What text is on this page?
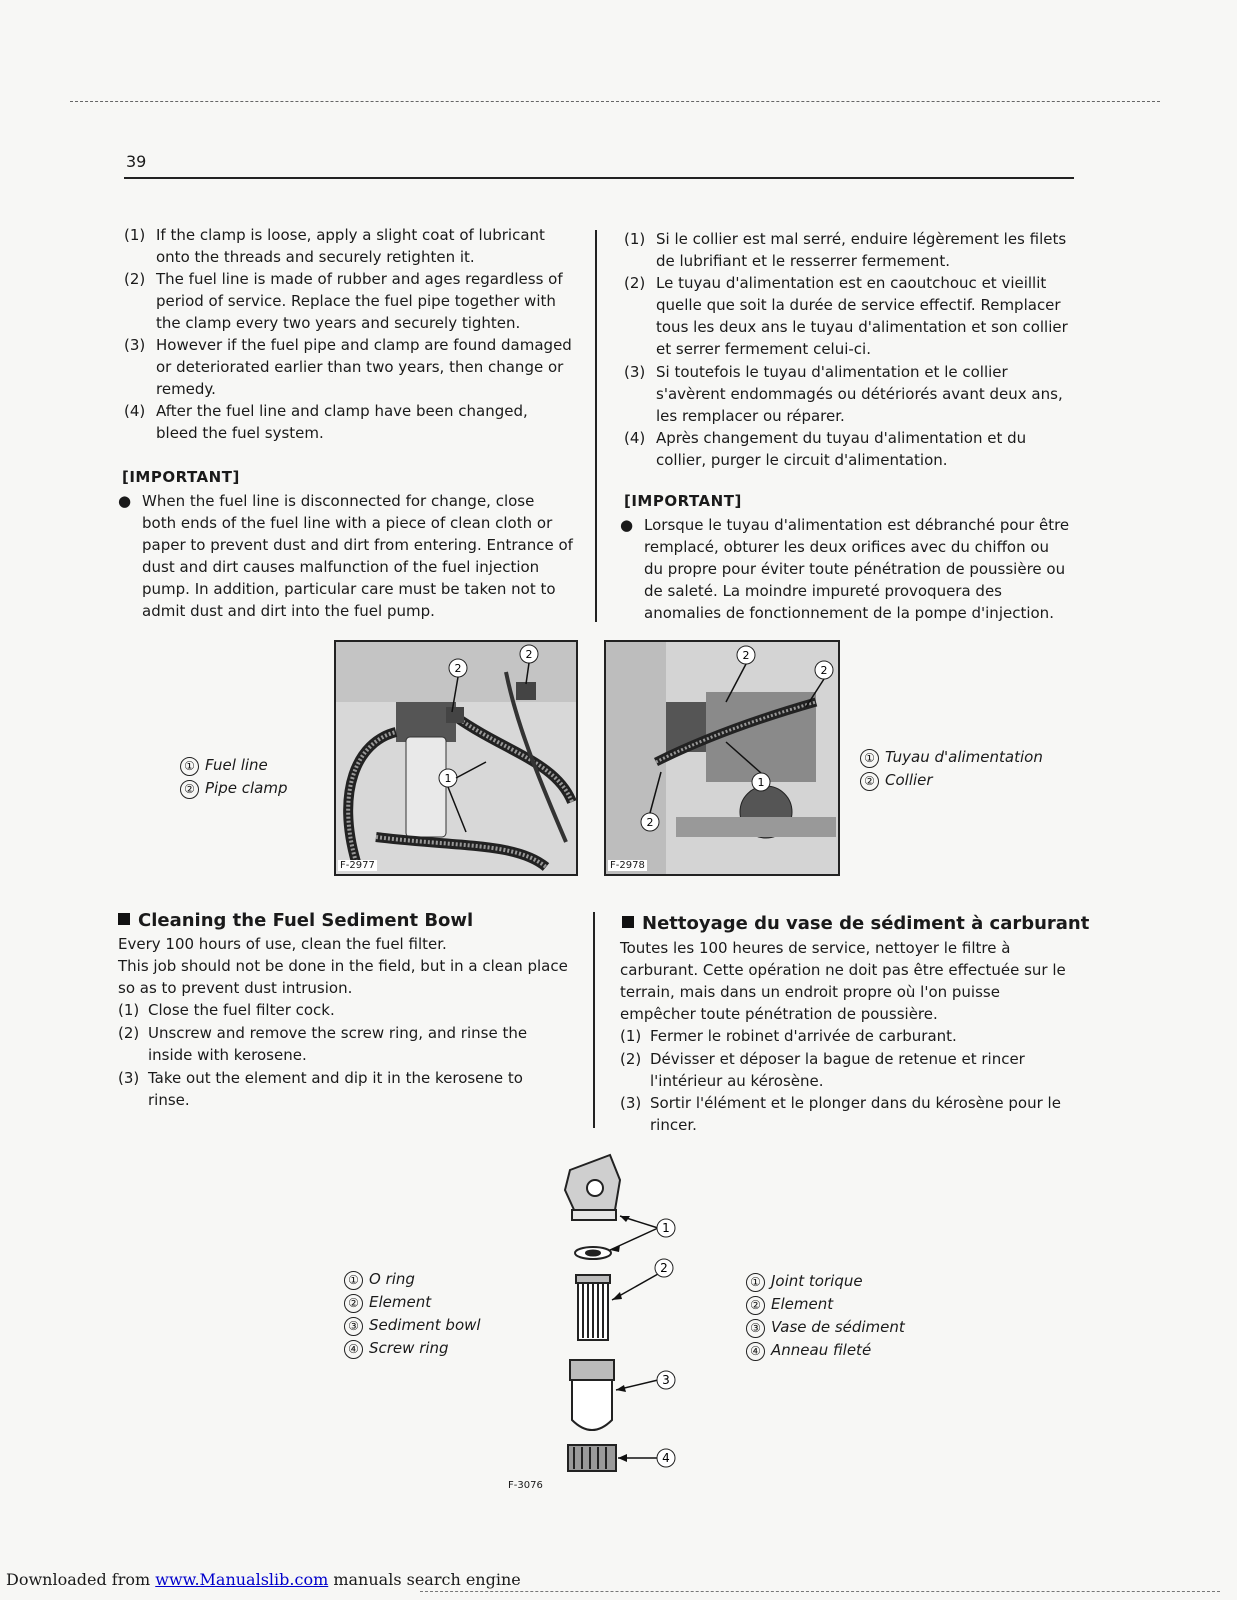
39
(1) If the clamp is loose, apply a slight coat of lubricant onto the threads and securely retighten it.
(2) The fuel line is made of rubber and ages regardless of period of service. Replace the fuel pipe together with the clamp every two years and securely tighten.
(3) However if the fuel pipe and clamp are found damaged or deteriorated earlier than two years, then change or remedy.
(4) After the fuel line and clamp have been changed, bleed the fuel system.
[IMPORTANT]
● When the fuel line is disconnected for change, close both ends of the fuel line with a piece of clean cloth or paper to prevent dust and dirt from entering. Entrance of dust and dirt causes malfunction of the fuel injection pump. In addition, particular care must be taken not to admit dust and dirt into the fuel pump.
(1) Si le collier est mal serré, enduire légèrement les filets de lubrifiant et le resserrer fermement.
(2) Le tuyau d'alimentation est en caoutchouc et vieillit quelle que soit la durée de service effectif. Remplacer tous les deux ans le tuyau d'alimentation et son collier et serrer fermement celui-ci.
(3) Si toutefois le tuyau d'alimentation et le collier s'avèrent endommagés ou détériorés avant deux ans, les remplacer ou réparer.
(4) Après changement du tuyau d'alimentation et du collier, purger le circuit d'alimentation.
[IMPORTANT]
● Lorsque le tuyau d'alimentation est débranché pour être remplacé, obturer les deux orifices avec du chiffon ou du propre pour éviter toute pénétration de poussière ou de saleté. La moindre impureté provoquera des anomalies de fonctionnement de la pompe d'injection.
① Fuel line
② Pipe clamp
2
2
1
F-2977
2
2
1
2
F-2978
① Tuyau d'alimentation
② Collier
Cleaning the Fuel Sediment Bowl
Every 100 hours of use, clean the fuel filter.
This job should not be done in the field, but in a clean place so as to prevent dust intrusion.
(1) Close the fuel filter cock.
(2) Unscrew and remove the screw ring, and rinse the inside with kerosene.
(3) Take out the element and dip it in the kerosene to rinse.
Nettoyage du vase de sédiment à carburant
Toutes les 100 heures de service, nettoyer le filtre à carburant. Cette opération ne doit pas être effectuée sur le terrain, mais dans un endroit propre où l'on puisse empêcher toute pénétration de poussière.
(1) Fermer le robinet d'arrivée de carburant.
(2) Dévisser et déposer la bague de retenue et rincer l'intérieur au kérosène.
(3) Sortir l'élément et le plonger dans du kérosène pour le rincer.
① O ring
② Element
③ Sediment bowl
④ Screw ring
1
2
3
4
① Joint torique
② Element
③ Vase de sédiment
④ Anneau fileté
F-3076
Downloaded from www.Manualslib.com manuals search engine
